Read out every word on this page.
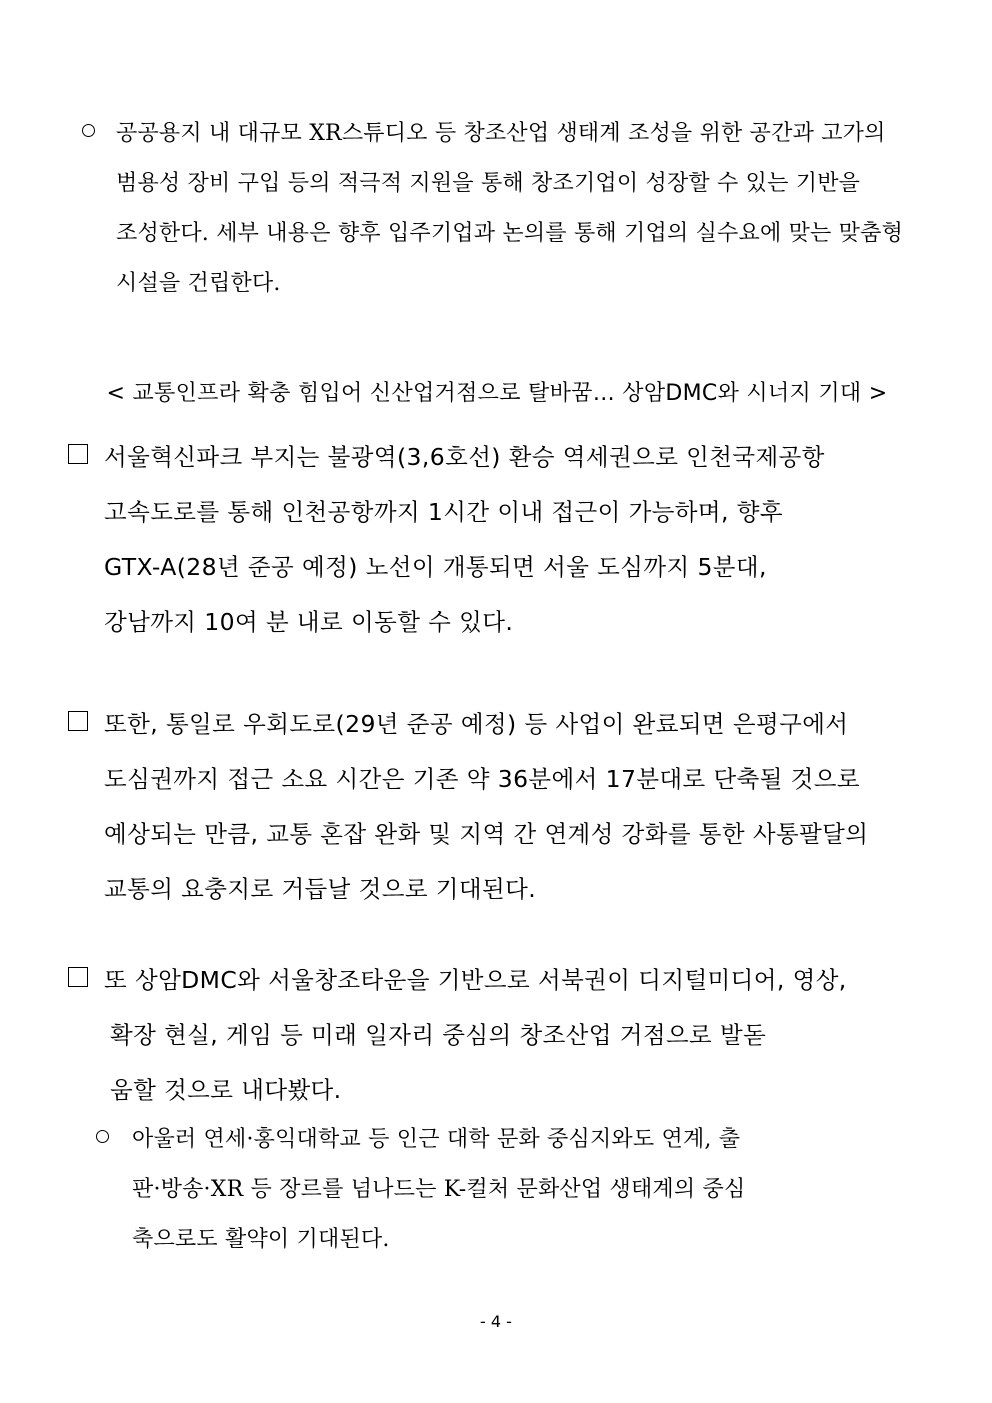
공공용지 내 대규모 XR스튜디오 등 창조산업 생태계 조성을 위한 공간과 고가의
범용성 장비 구입 등의 적극적 지원을 통해 창조기업이 성장할 수 있는 기반을
조성한다. 세부 내용은 향후 입주기업과 논의를 통해 기업의 실수요에 맞는 맞춤형
시설을 건립한다.
< 교통인프라 확충 힘입어 신산업거점으로 탈바꿈… 상암DMC와 시너지 기대 >
서울혁신파크 부지는 불광역(3,6호선) 환승 역세권으로 인천국제공항
고속도로를 통해 인천공항까지 1시간 이내 접근이 가능하며, 향후
GTX-A(28년 준공 예정) 노선이 개통되면 서울 도심까지 5분대,
강남까지 10여 분 내로 이동할 수 있다.
또한, 통일로 우회도로(29년 준공 예정) 등 사업이 완료되면 은평구에서
도심권까지 접근 소요 시간은 기존 약 36분에서 17분대로 단축될 것으로
예상되는 만큼, 교통 혼잡 완화 및 지역 간 연계성 강화를 통한 사통팔달의
교통의 요충지로 거듭날 것으로 기대된다.
또 상암DMC와 서울창조타운을 기반으로 서북권이 디지털미디어, 영상,
확장 현실, 게임 등 미래 일자리 중심의 창조산업 거점으로 발돋
움할 것으로 내다봤다.
아울러 연세·홍익대학교 등 인근 대학 문화 중심지와도 연계, 출
판·방송·XR 등 장르를 넘나드는 K-컬처 문화산업 생태계의 중심
축으로도 활약이 기대된다.
- 4 -
